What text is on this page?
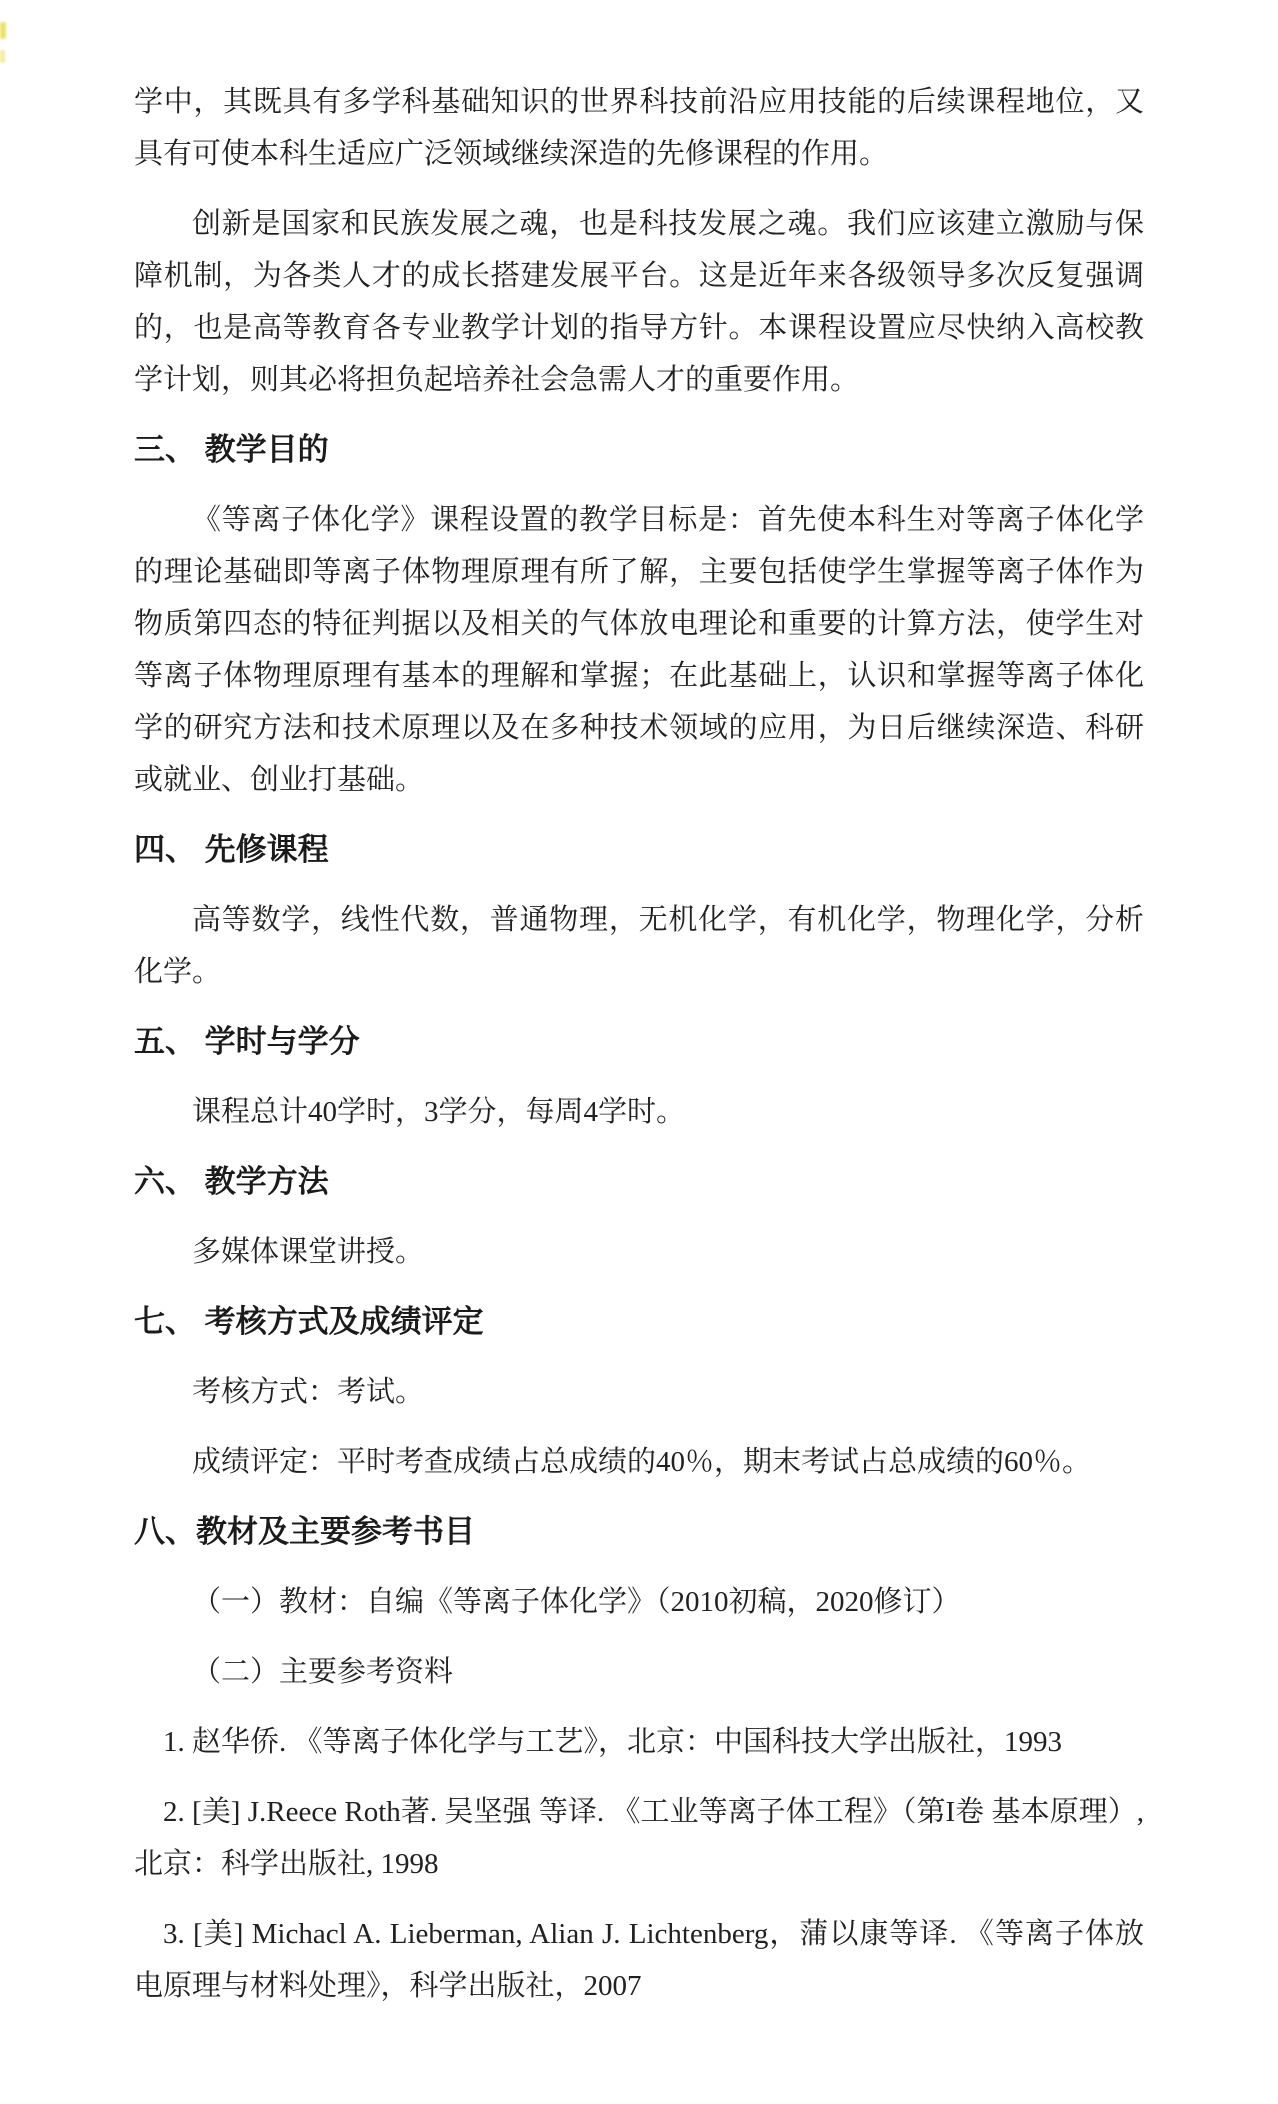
学中，其既具有多学科基础知识的世界科技前沿应用技能的后续课程地位，又具有可使本科生适应广泛领域继续深造的先修课程的作用。

创新是国家和民族发展之魂，也是科技发展之魂。我们应该建立激励与保障机制，为各类人才的成长搭建发展平台。这是近年来各级领导多次反复强调的，也是高等教育各专业教学计划的指导方针。本课程设置应尽快纳入高校教学计划，则其必将担负起培养社会急需人才的重要作用。

三、 教学目的

《等离子体化学》课程设置的教学目标是：首先使本科生对等离子体化学的理论基础即等离子体物理原理有所了解，主要包括使学生掌握等离子体作为物质第四态的特征判据以及相关的气体放电理论和重要的计算方法，使学生对等离子体物理原理有基本的理解和掌握；在此基础上，认识和掌握等离子体化学的研究方法和技术原理以及在多种技术领域的应用，为日后继续深造、科研或就业、创业打基础。

四、 先修课程

高等数学，线性代数，普通物理，无机化学，有机化学，物理化学，分析化学。

五、 学时与学分

课程总计40学时，3学分，每周4学时。

六、 教学方法

多媒体课堂讲授。

七、 考核方式及成绩评定

考核方式：考试。

成绩评定：平时考查成绩占总成绩的40％，期末考试占总成绩的60％。

八、教材及主要参考书目

（一）教材：自编《等离子体化学》（2010初稿，2020修订）

（二）主要参考资料

1. 赵华侨. 《等离子体化学与工艺》，北京：中国科技大学出版社，1993

2. [美] J.Reece Roth著. 吴坚强 等译. 《工业等离子体工程》（第I卷 基本原理）, 北京：科学出版社, 1998

3. [美] Michacl A. Lieberman, Alian J. Lichtenberg，蒲以康等译. 《等离子体放电原理与材料处理》，科学出版社，2007
